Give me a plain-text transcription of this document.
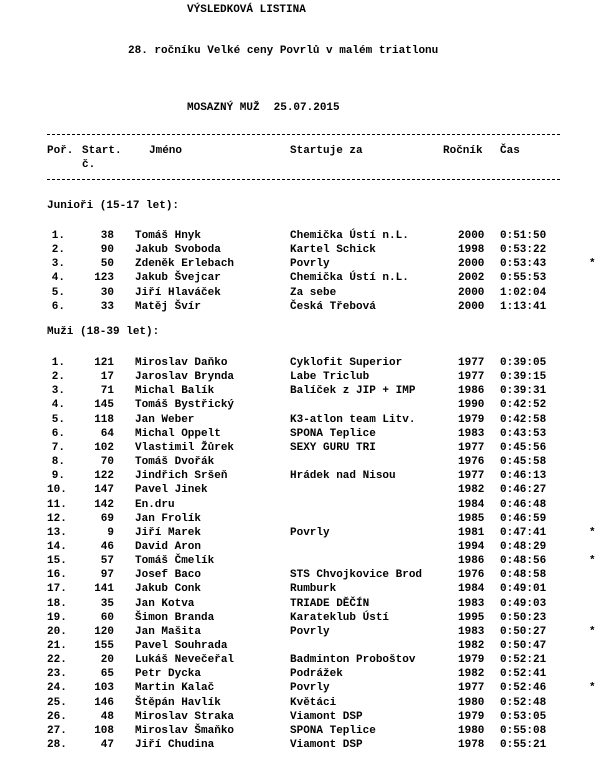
VÝSLEDKOVÁ LISTINA
28. ročníku Velké ceny Povrlů v malém triatlonu
MOSAZNÝ MUŽ 25.07.2015
Poř. Start.
č.
Jméno	Startuje za	Ročník Čas
Junioři (15-17 let):
1.	38 Tomáš Hnyk	Chemička Ústí n.L.	2000 0:51:50
2.	90 Jakub Svoboda	Kartel Schick	1998 0:53:22
3.	50 Zdeněk Erlebach	Povrly	2000 0:53:43	*
4.	123 Jakub Švejcar	Chemička Ústí n.L.	2002 0:55:53
5.	30 Jiří Hlaváček	Za sebe	2000 1:02:04
6.	33 Matěj Švír	Česká Třebová	2000 1:13:41
Muži (18-39 let):
1.	121 Miroslav Daňko	Cyklofit Superior	1977 0:39:05
2.	17 Jaroslav Brynda	Labe Triclub	1977 0:39:15
3.	71 Michal Balík	Balíček z JIP + IMP	1986 0:39:31
4.	145 Tomáš Bystřický	1990 0:42:52
5.	118 Jan Weber	K3-atlon team Litv.	1979 0:42:58
6.	64 Michal Oppelt	SPONA Teplice	1983 0:43:53
7.	102 Vlastimil Žůrek	SEXY GURU TRI	1977 0:45:56
8.	70 Tomáš Dvořák	1976 0:45:58
9.	122 Jindřich Sršeň	Hrádek nad Nisou	1977 0:46:13
10.	147 Pavel Jinek	1982 0:46:27
11.	142 En.dru	1984 0:46:48
12.	69 Jan Frolík	1985 0:46:59
13.	9 Jiří Marek	Povrly	1981 0:47:41	*
14.	46 David Aron	1994 0:48:29
15.	57 Tomáš Čmelík	1986 0:48:56	*
16.	97 Josef Baco	STS Chvojkovice Brod	1976 0:48:58
17.	141 Jakub Conk	Rumburk	1984 0:49:01
18.	35 Jan Kotva	TRIADE DĚČÍN	1983 0:49:03
19.	60 Šimon Branda	Karateklub Ústí	1995 0:50:23
20.	120 Jan Mašita	Povrly	1983 0:50:27	*
21.	155 Pavel Souhrada	1982 0:50:47
22.	20 Lukáš Nevečeřal	Badminton Proboštov	1979 0:52:21
23.	65 Petr Dycka	Podrážek	1982 0:52:41
24.	103 Martin Kalač	Povrly	1977 0:52:46	*
25.	146 Štěpán Havlík	Květáci	1980 0:52:48
26.	48 Miroslav Straka	Viamont DSP	1979 0:53:05
27.	108 Miroslav Šmaňko	SPONA Teplice	1980 0:55:08
28.	47 Jiří Chudina	Viamont DSP	1978 0:55:21
